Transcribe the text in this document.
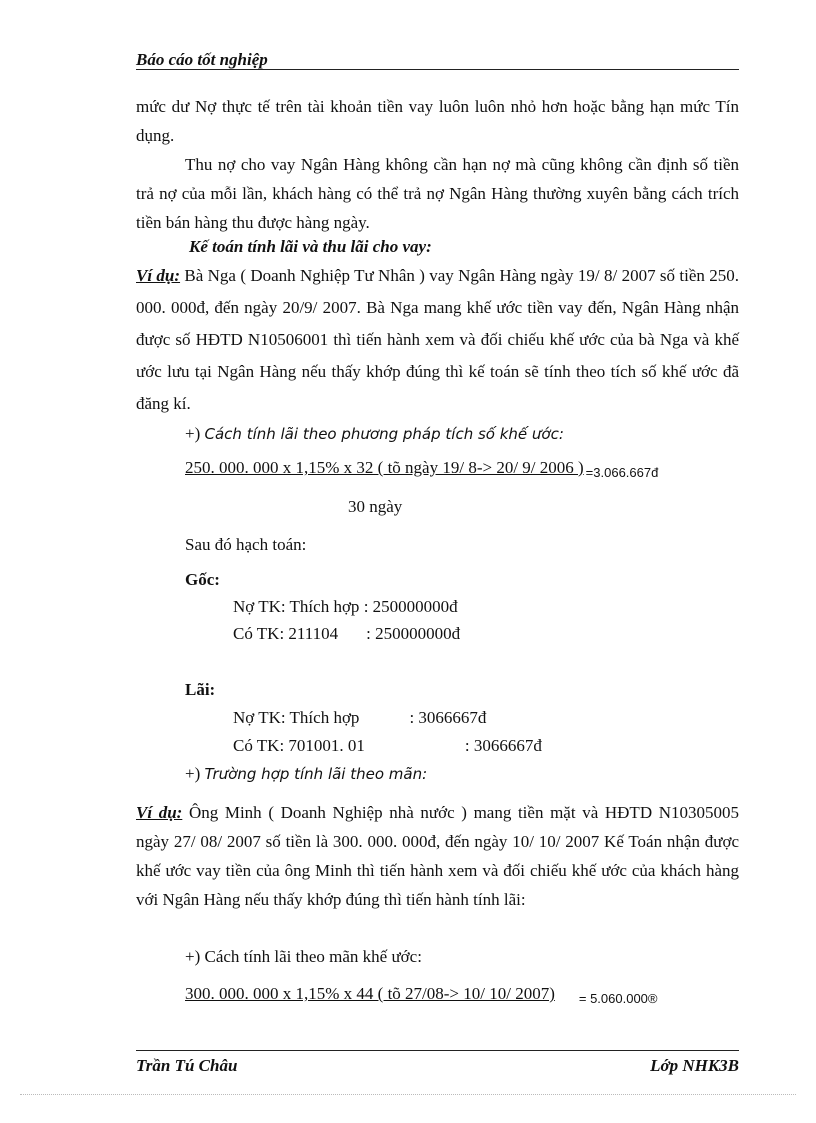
Báo cáo tốt nghiệp
mức dư Nợ thực tế trên tài khoản tiền vay luôn luôn nhỏ hơn hoặc bằng hạn mức Tín dụng.
Thu nợ cho vay Ngân Hàng không cần hạn nợ mà cũng không cần định số tiền trả nợ của mỗi lần, khách hàng có thể trả nợ Ngân Hàng thường xuyên bằng cách trích tiền bán hàng thu được hàng ngày.
Kế toán tính lãi và thu lãi cho vay:
Ví dụ: Bà Nga ( Doanh Nghiệp Tư Nhân ) vay Ngân Hàng ngày 19/ 8/ 2007 số tiền 250. 000. 000đ, đến ngày 20/9/ 2007. Bà Nga mang khế ước tiền vay đến, Ngân Hàng nhận được số HĐTD N10506001 thì tiến hành xem và đối chiếu khế ước của bà Nga và khế ước lưu tại Ngân Hàng nếu thấy khớp đúng thì kế toán sẽ tính theo tích số khế ước đã đăng kí.
+) Cách tính lãi theo phương pháp tích số khế ước:
250. 000. 000 x 1,15% x 32 ( tõ ngày 19/ 8-> 20/ 9/ 2006 ) $_{=3.066.667đ}$
30 ngày
Sau đó hạch toán:
Gốc:
Nợ TK: Thích hợp : 250000000đ
Có TK: 211104 : 250000000đ
Lãi:
Nợ TK: Thích hợp	: 3066667đ
Có TK: 701001. 01	: 3066667đ
+) Trường hợp tính lãi theo mãn:
Ví dụ: Ông Minh ( Doanh Nghiệp nhà nước ) mang tiền mặt và HĐTD N10305005 ngày 27/ 08/ 2007 số tiền là 300. 000. 000đ, đến ngày 10/ 10/ 2007 Kế Toán nhận được khế ước vay tiền của ông Minh thì tiến hành xem và đối chiếu khế ước của khách hàng với Ngân Hàng nếu thấy khớp đúng thì tiến hành tính lãi:
+) Cách tính lãi theo mãn khế ước:
300. 000. 000 x 1,15% x 44 ( tõ 27/08-> 10/ 10/ 2007) $_{= 5.060.000®}$
Trần Tú Châu	Lớp NHK3B
